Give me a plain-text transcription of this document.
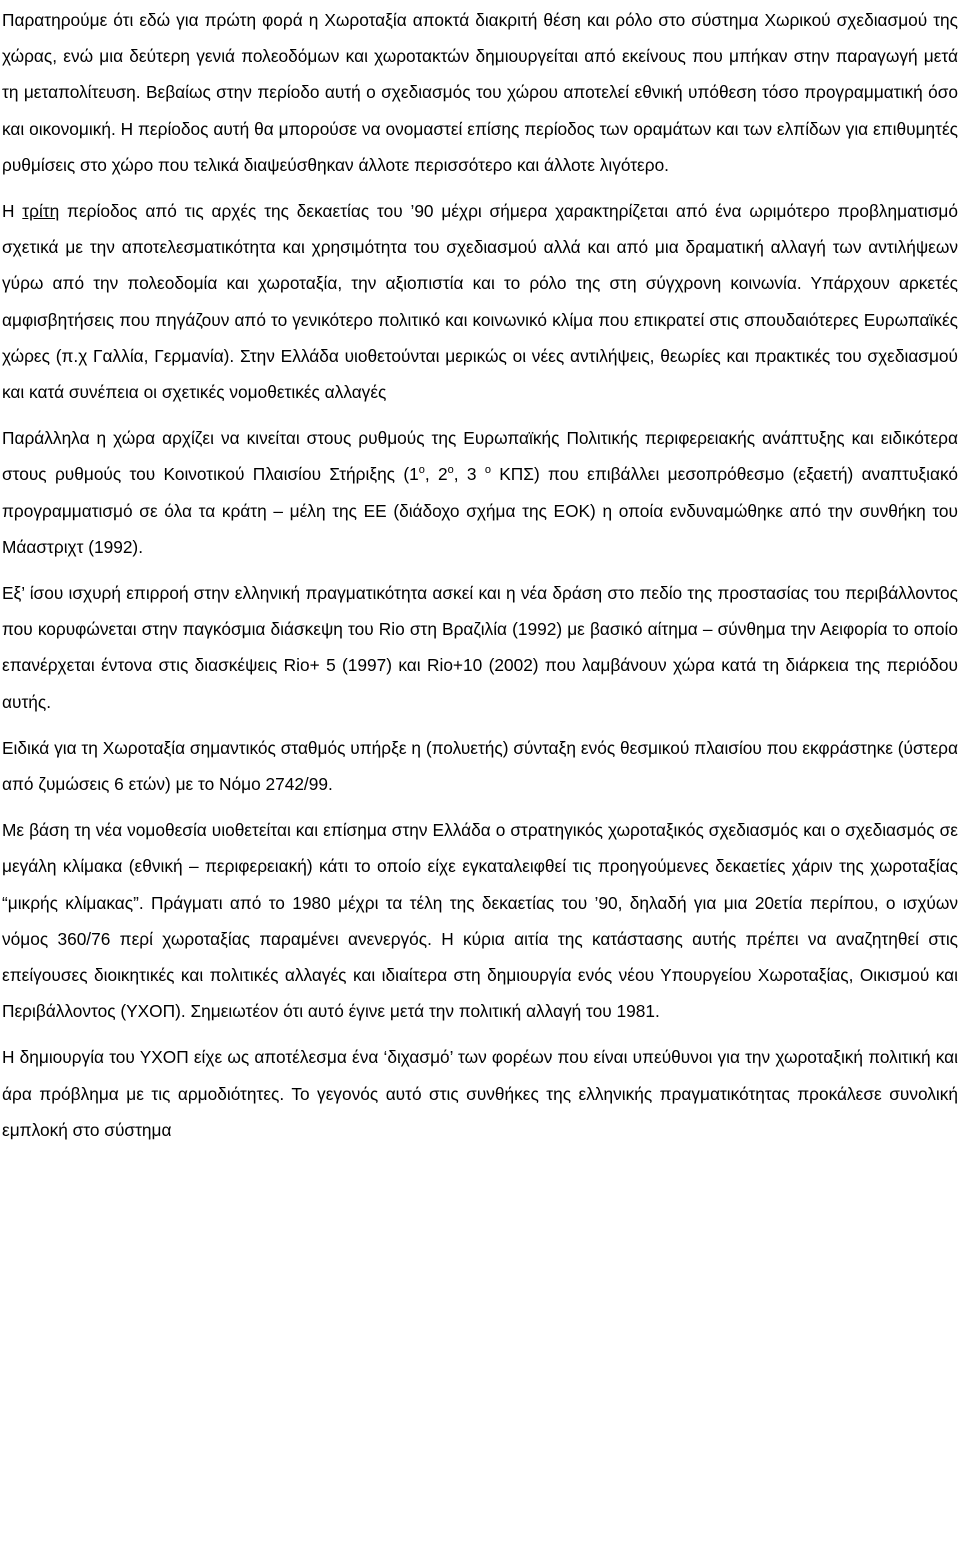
Παρατηρούμε ότι εδώ για πρώτη φορά η Χωροταξία αποκτά διακριτή θέση και ρόλο στο σύστημα Χωρικού σχεδιασμού της χώρας, ενώ μια δεύτερη γενιά πολεοδόμων και χωροτακτών δημιουργείται από εκείνους που μπήκαν στην παραγωγή μετά τη μεταπολίτευση. Βεβαίως στην περίοδο αυτή ο σχεδιασμός του χώρου αποτελεί εθνική υπόθεση τόσο προγραμματική όσο και οικονομική. Η περίοδος αυτή θα μπορούσε να ονομαστεί επίσης περίοδος των οραμάτων και των ελπίδων για επιθυμητές ρυθμίσεις στο χώρο που τελικά διαψεύσθηκαν άλλοτε περισσότερο και άλλοτε λιγότερο.

Η τρίτη περίοδος από τις αρχές της δεκαετίας του ’90 μέχρι σήμερα χαρακτηρίζεται από ένα ωριμότερο προβληματισμό σχετικά με την αποτελεσματικότητα και χρησιμότητα του σχεδιασμού αλλά και από μια δραματική αλλαγή των αντιλήψεων γύρω από την πολεοδομία και χωροταξία, την αξιοπιστία και το ρόλο της στη σύγχρονη κοινωνία. Υπάρχουν αρκετές αμφισβητήσεις που πηγάζουν από το γενικότερο πολιτικό και κοινωνικό κλίμα που επικρατεί στις σπουδαιότερες Ευρωπαϊκές χώρες (π.χ Γαλλία, Γερμανία). Στην Ελλάδα υιοθετούνται μερικώς οι νέες αντιλήψεις, θεωρίες και πρακτικές του σχεδιασμού και κατά συνέπεια οι σχετικές νομοθετικές αλλαγές

Παράλληλα η χώρα αρχίζει να κινείται στους ρυθμούς της Ευρωπαϊκής Πολιτικής περιφερειακής ανάπτυξης και ειδικότερα στους ρυθμούς του Κοινοτικού Πλαισίου Στήριξης ($1^o$, $2^o$, 3 $^o$ ΚΠΣ) που επιβάλλει μεσοπρόθεσμο (εξαετή) αναπτυξιακό προγραμματισμό σε όλα τα κράτη – μέλη της ΕΕ (διάδοχο σχήμα της ΕΟΚ) η οποία ενδυναμώθηκε από την συνθήκη του Μάαστριχτ (1992).

Εξ’ ίσου ισχυρή επιρροή στην ελληνική πραγματικότητα ασκεί και η νέα δράση στο πεδίο της προστασίας του περιβάλλοντος που κορυφώνεται στην παγκόσμια διάσκεψη του Rio στη Βραζιλία (1992) με βασικό αίτημα – σύνθημα την Αειφορία το οποίο επανέρχεται έντονα στις διασκέψεις Rio+ 5 (1997) και Rio+10 (2002) που λαμβάνουν χώρα κατά τη διάρκεια της περιόδου αυτής.

Ειδικά για τη Χωροταξία σημαντικός σταθμός υπήρξε η (πολυετής) σύνταξη ενός θεσμικού πλαισίου που εκφράστηκε (ύστερα από ζυμώσεις 6 ετών) με το Νόμο 2742/99.

Με βάση τη νέα νομοθεσία υιοθετείται και επίσημα στην Ελλάδα ο στρατηγικός χωροταξικός σχεδιασμός και ο σχεδιασμός σε μεγάλη κλίμακα (εθνική – περιφερειακή) κάτι το οποίο είχε εγκαταλειφθεί τις προηγούμενες δεκαετίες χάριν της χωροταξίας “μικρής κλίμακας”. Πράγματι από το 1980 μέχρι τα τέλη της δεκαετίας του ’90, δηλαδή για μια 20ετία περίπου, ο ισχύων νόμος 360/76 περί χωροταξίας παραμένει ανενεργός. Η κύρια αιτία της κατάστασης αυτής πρέπει να αναζητηθεί στις επείγουσες διοικητικές και πολιτικές αλλαγές και ιδιαίτερα στη δημιουργία ενός νέου Υπουργείου Χωροταξίας, Οικισμού και Περιβάλλοντος (ΥΧΟΠ). Σημειωτέον ότι αυτό έγινε μετά την πολιτική αλλαγή του 1981.

Η δημιουργία του ΥΧΟΠ είχε ως αποτέλεσμα ένα ‘διχασμό’ των φορέων που είναι υπεύθυνοι για την χωροταξική πολιτική και άρα πρόβλημα με τις αρμοδιότητες. Το γεγονός αυτό στις συνθήκες της ελληνικής πραγματικότητας προκάλεσε συνολική εμπλοκή στο σύστημα
